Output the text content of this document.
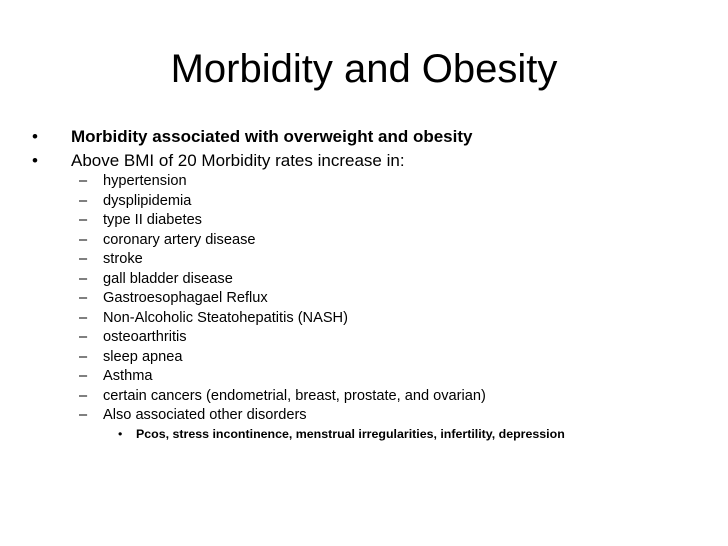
Morbidity and Obesity
•	Morbidity associated with overweight and obesity
•	Above BMI of 20 Morbidity rates increase in:
– hypertension
– dysplipidemia
– type II diabetes
– coronary artery disease
– stroke
– gall bladder disease
– Gastroesophagael Reflux
– Non-Alcoholic Steatohepatitis (NASH)
– osteoarthritis
– sleep apnea
– Asthma
– certain cancers (endometrial, breast, prostate, and ovarian)
– Also associated other disorders
• Pcos, stress incontinence, menstrual irregularities, infertility, depression
